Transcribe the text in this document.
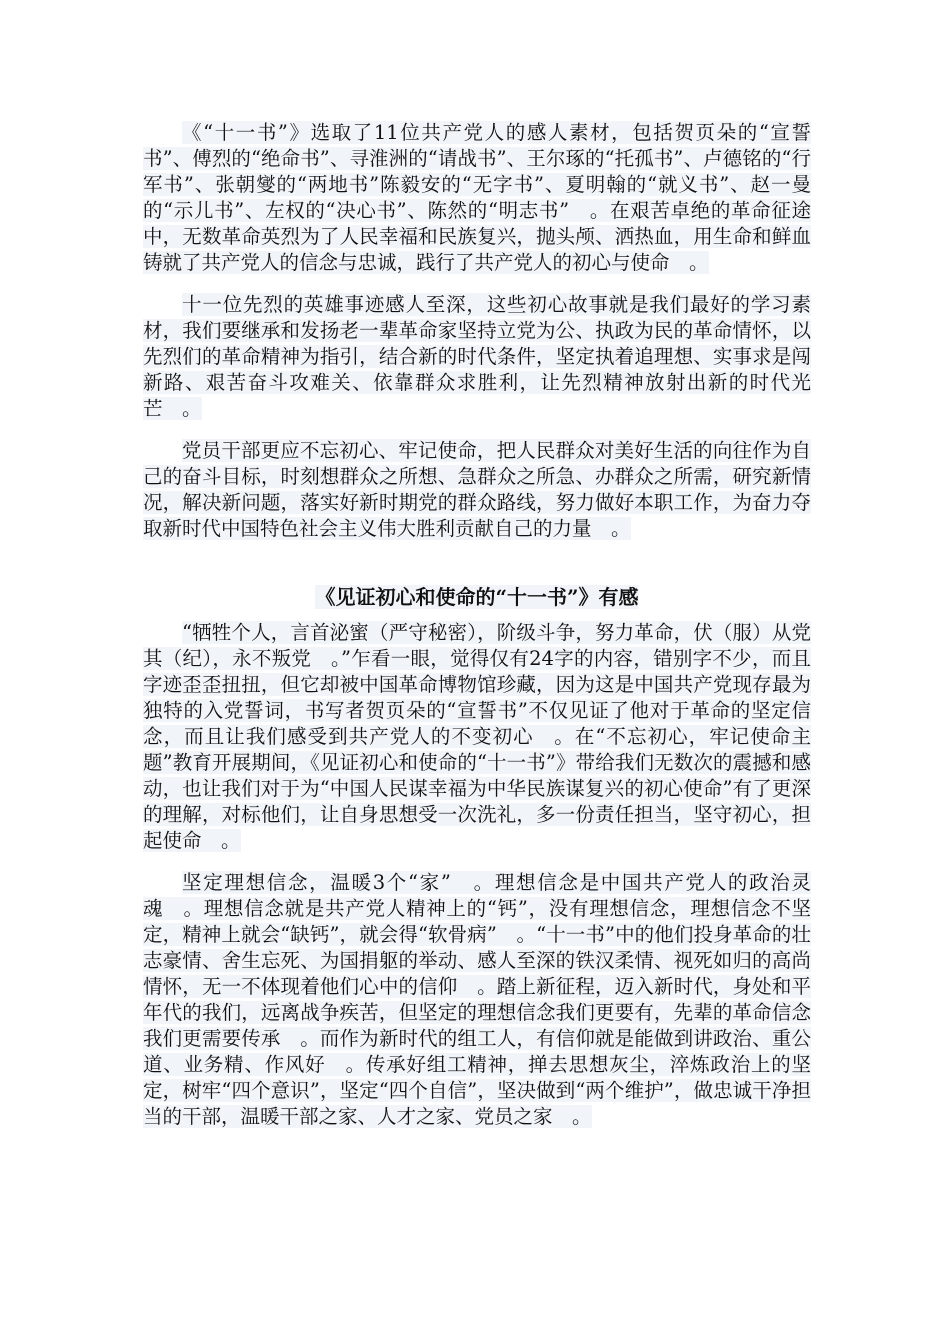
《“十一书”》选取了11位共产党人的感人素材，包括贺页朵的“宣誓书”、傅烈的“绝命书”、寻淮洲的“请战书”、王尔琢的“托孤书”、卢德铭的“行军书”、张朝燮的“两地书”陈毅安的“无字书”、夏明翰的“就义书”、赵一曼的“示儿书”、左权的“决心书”、陈然的“明志书”　。在艰苦卓绝的革命征途中，无数革命英烈为了人民幸福和民族复兴，抛头颅、洒热血，用生命和鲜血铸就了共产党人的信念与忠诚，践行了共产党人的初心与使命　。

十一位先烈的英雄事迹感人至深，这些初心故事就是我们最好的学习素材，我们要继承和发扬老一辈革命家坚持立党为公、执政为民的革命情怀，以先烈们的革命精神为指引，结合新的时代条件，坚定执着追理想、实事求是闯新路、艰苦奋斗攻难关、依靠群众求胜利，让先烈精神放射出新的时代光芒　。

党员干部更应不忘初心、牢记使命，把人民群众对美好生活的向往作为自己的奋斗目标，时刻想群众之所想、急群众之所急、办群众之所需，研究新情况，解决新问题，落实好新时期党的群众路线，努力做好本职工作，为奋力夺取新时代中国特色社会主义伟大胜利贡献自己的力量　。

《见证初心和使命的“十一书”》有感

“牺牲个人，言首泌蜜（严守秘密），阶级斗争，努力革命，伏（服）从党其（纪），永不叛党　。”乍看一眼，觉得仅有24字的内容，错别字不少，而且字迹歪歪扭扭，但它却被中国革命博物馆珍藏，因为这是中国共产党现存最为独特的入党誓词，书写者贺页朵的“宣誓书”不仅见证了他对于革命的坚定信念，而且让我们感受到共产党人的不变初心　。在“不忘初心，牢记使命主题”教育开展期间，《见证初心和使命的“十一书”》带给我们无数次的震撼和感动，也让我们对于为“中国人民谋幸福为中华民族谋复兴的初心使命”有了更深的理解，对标他们，让自身思想受一次洗礼，多一份责任担当，坚守初心，担起使命　。

坚定理想信念，温暖3个“家”　。理想信念是中国共产党人的政治灵魂　。理想信念就是共产党人精神上的“钙”，没有理想信念，理想信念不坚定，精神上就会“缺钙”，就会得“软骨病”　。“十一书”中的他们投身革命的壮志豪情、舍生忘死、为国捐躯的举动、感人至深的铁汉柔情、视死如归的高尚情怀，无一不体现着他们心中的信仰　。踏上新征程，迈入新时代，身处和平年代的我们，远离战争疾苦，但坚定的理想信念我们更要有，先辈的革命信念我们更需要传承　。而作为新时代的组工人，有信仰就是能做到讲政治、重公道、业务精、作风好　。传承好组工精神，掸去思想灰尘，淬炼政治上的坚定，树牢“四个意识”，坚定“四个自信”，坚决做到“两个维护”，做忠诚干净担当的干部，温暖干部之家、人才之家、党员之家　。
